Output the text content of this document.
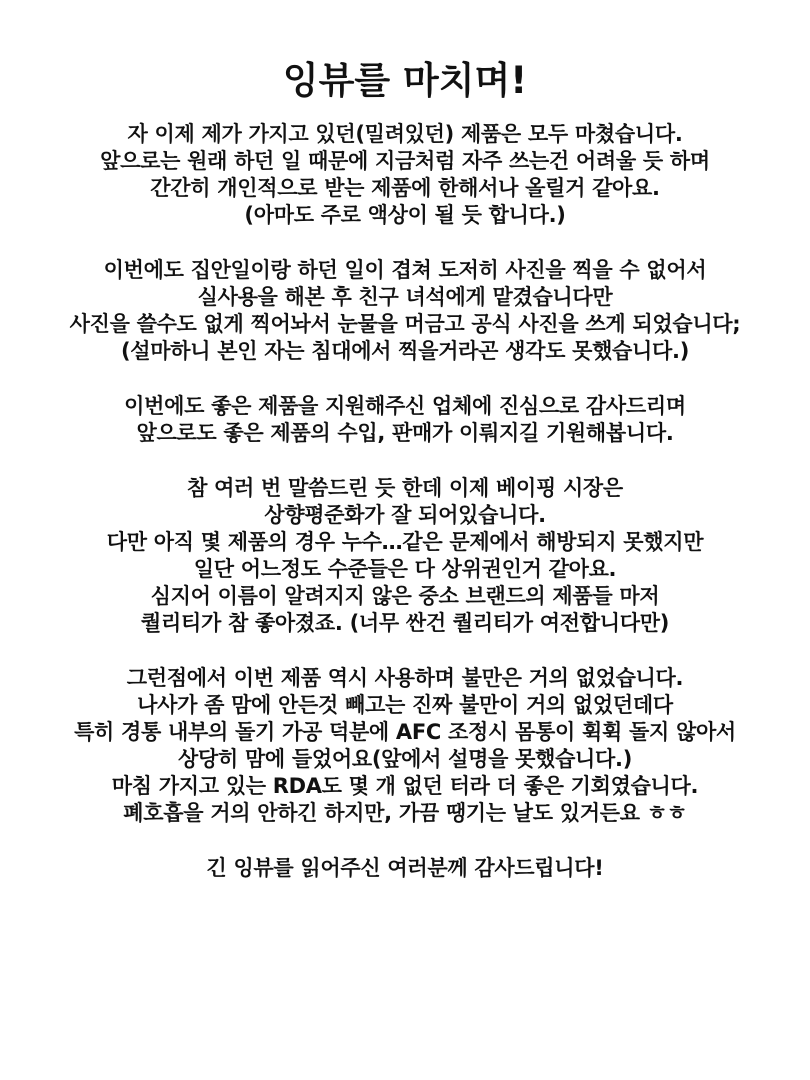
잉뷰를 마치며!
자 이제 제가 가지고 있던(밀려있던) 제품은 모두 마쳤습니다.
앞으로는 원래 하던 일 때문에 지금처럼 자주 쓰는건 어려울 듯 하며
간간히 개인적으로 받는 제품에 한해서나 올릴거 같아요.
(아마도 주로 액상이 될 듯 합니다.)
이번에도 집안일이랑 하던 일이 겹쳐 도저히 사진을 찍을 수 없어서
실사용을 해본 후 친구 녀석에게 맡겼습니다만
사진을 쓸수도 없게 찍어놔서 눈물을 머금고 공식 사진을 쓰게 되었습니다;
(설마하니 본인 자는 침대에서 찍을거라곤 생각도 못했습니다.)
이번에도 좋은 제품을 지원해주신 업체에 진심으로 감사드리며
앞으로도 좋은 제품의 수입, 판매가 이뤄지길 기원해봅니다.
참 여러 번 말씀드린 듯 한데 이제 베이핑 시장은
상향평준화가 잘 되어있습니다.
다만 아직 몇 제품의 경우 누수…같은 문제에서 해방되지 못했지만
일단 어느정도 수준들은 다 상위권인거 같아요.
심지어 이름이 알려지지 않은 중소 브랜드의 제품들 마저
퀄리티가 참 좋아졌죠. (너무 싼건 퀄리티가 여전합니다만)
그런점에서 이번 제품 역시 사용하며 불만은 거의 없었습니다.
나사가 좀 맘에 안든것 빼고는 진짜 불만이 거의 없었던데다
특히 경통 내부의 돌기 가공 덕분에 AFC 조정시 몸통이 휙휙 돌지 않아서
상당히 맘에 들었어요(앞에서 설명을 못했습니다.)
마침 가지고 있는 RDA도 몇 개 없던 터라 더 좋은 기회였습니다.
폐호흡을 거의 안하긴 하지만, 가끔 땡기는 날도 있거든요 ㅎㅎ
긴 잉뷰를 읽어주신 여러분께 감사드립니다!
